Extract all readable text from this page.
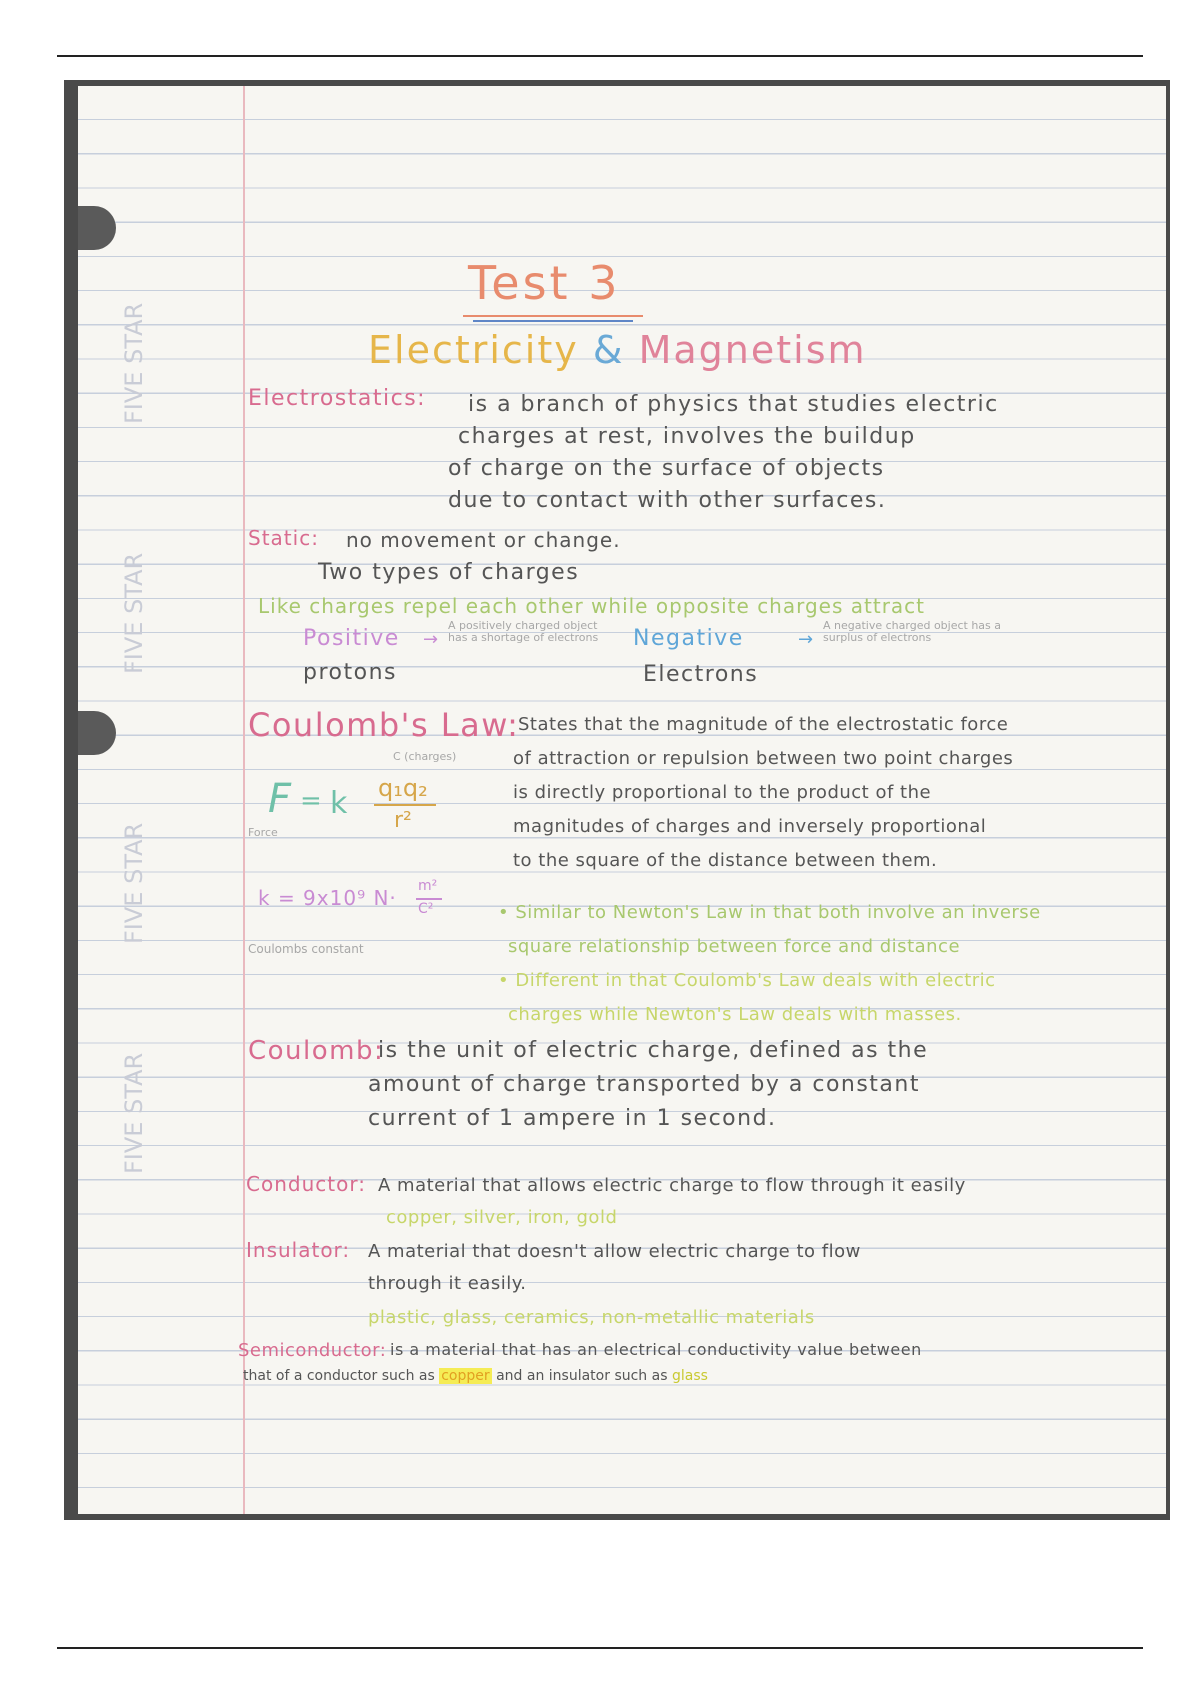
FIVE STAR
FIVE STAR
FIVE STAR
FIVE STAR
Test 3
Electricity & Magnetism
Electrostatics: is a branch of physics that studies electric
charges at rest, involves the buildup
of charge on the surface of objects
due to contact with other surfaces.
Static: no movement or change.
Two types of charges
Like charges repel each other while opposite charges attract
Positive →
A positively charged object has a shortage of electrons
protons
Negative	→
A negative charged object has a surplus of electrons
Electrons
Coulomb's Law:
States that the magnitude of the electrostatic force
of attraction or repulsion between two point charges
is directly proportional to the product of the
magnitudes of charges and inversely proportional
to the square of the distance between them.
C (charges)
F = k q₁q₂
r²
Force
k = 9x10⁹ N· m²
C²
Coulombs constant
• Similar to Newton's Law in that both involve an inverse
square relationship between force and distance
• Different in that Coulomb's Law deals with electric
charges while Newton's Law deals with masses.
Coulomb:
is the unit of electric charge, defined as the
amount of charge transported by a constant
current of 1 ampere in 1 second.
Conductor: A material that allows electric charge to flow through it easily
copper, silver, iron, gold
Insulator: A material that doesn't allow electric charge to flow
through it easily.
plastic, glass, ceramics, non-metallic materials
Semiconductor: is a material that has an electrical conductivity value between
that of a conductor such as copper and an insulator such as glass
